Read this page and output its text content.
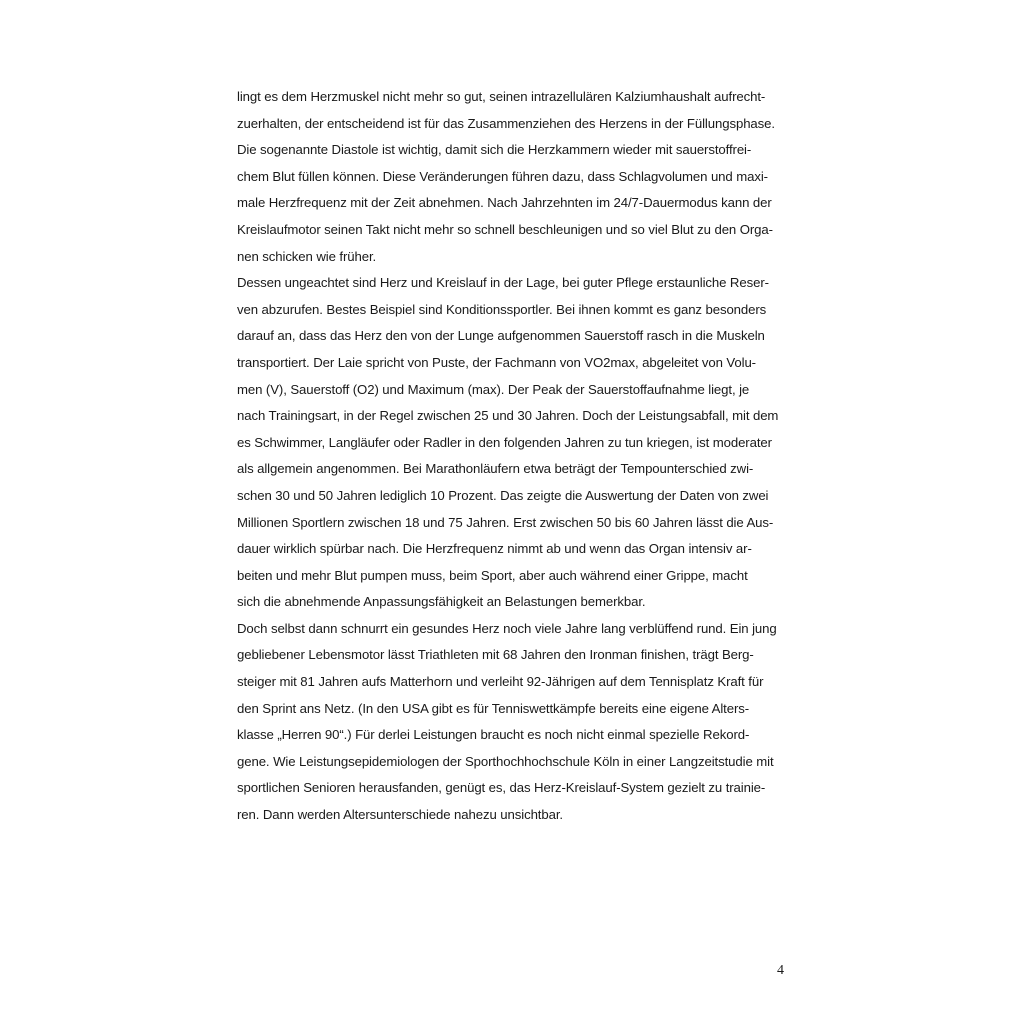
lingt es dem Herzmuskel nicht mehr so gut, seinen intrazellulären Kalziumhaushalt aufrecht-
zuerhalten, der entscheidend ist für das Zusammenziehen des Herzens in der Füllungsphase.
Die sogenannte Diastole ist wichtig, damit sich die Herzkammern wieder mit sauerstoffrei-
chem Blut füllen können. Diese Veränderungen führen dazu, dass Schlagvolumen und maxi-
male Herzfrequenz mit der Zeit abnehmen. Nach Jahrzehnten im 24/7-Dauermodus kann der
Kreislaufmotor seinen Takt nicht mehr so schnell beschleunigen und so viel Blut zu den Orga-
nen schicken wie früher.
Dessen ungeachtet sind Herz und Kreislauf in der Lage, bei guter Pflege erstaunliche Reser-
ven abzurufen. Bestes Beispiel sind Konditionssportler. Bei ihnen kommt es ganz besonders
darauf an, dass das Herz den von der Lunge aufgenommen Sauerstoff rasch in die Muskeln
transportiert. Der Laie spricht von Puste, der Fachmann von VO2max, abgeleitet von Volu-
men (V), Sauerstoff (O2) und Maximum (max). Der Peak der Sauerstoffaufnahme liegt, je
nach Trainingsart, in der Regel zwischen 25 und 30 Jahren. Doch der Leistungsabfall, mit dem
es Schwimmer, Langläufer oder Radler in den folgenden Jahren zu tun kriegen, ist moderater
als allgemein angenommen. Bei Marathonläufern etwa beträgt der Tempounterschied zwi-
schen 30 und 50 Jahren lediglich 10 Prozent. Das zeigte die Auswertung der Daten von zwei
Millionen Sportlern zwischen 18 und 75 Jahren. Erst zwischen 50 bis 60 Jahren lässt die Aus-
dauer wirklich spürbar nach. Die Herzfrequenz nimmt ab und wenn das Organ intensiv ar-
beiten und mehr Blut pumpen muss, beim Sport, aber auch während einer Grippe, macht
sich die abnehmende Anpassungsfähigkeit an Belastungen bemerkbar.
Doch selbst dann schnurrt ein gesundes Herz noch viele Jahre lang verblüffend rund. Ein jung
gebliebener Lebensmotor lässt Triathleten mit 68 Jahren den Ironman finishen, trägt Berg-
steiger mit 81 Jahren aufs Matterhorn und verleiht 92-Jährigen auf dem Tennisplatz Kraft für
den Sprint ans Netz. (In den USA gibt es für Tenniswettkämpfe bereits eine eigene Alters-
klasse „Herren 90“.) Für derlei Leistungen braucht es noch nicht einmal spezielle Rekord-
gene. Wie Leistungsepidemiologen der Sporthochhochschule Köln in einer Langzeitstudie mit
sportlichen Senioren herausfanden, genügt es, das Herz-Kreislauf-System gezielt zu trainie-
ren. Dann werden Altersunterschiede nahezu unsichtbar.
4
